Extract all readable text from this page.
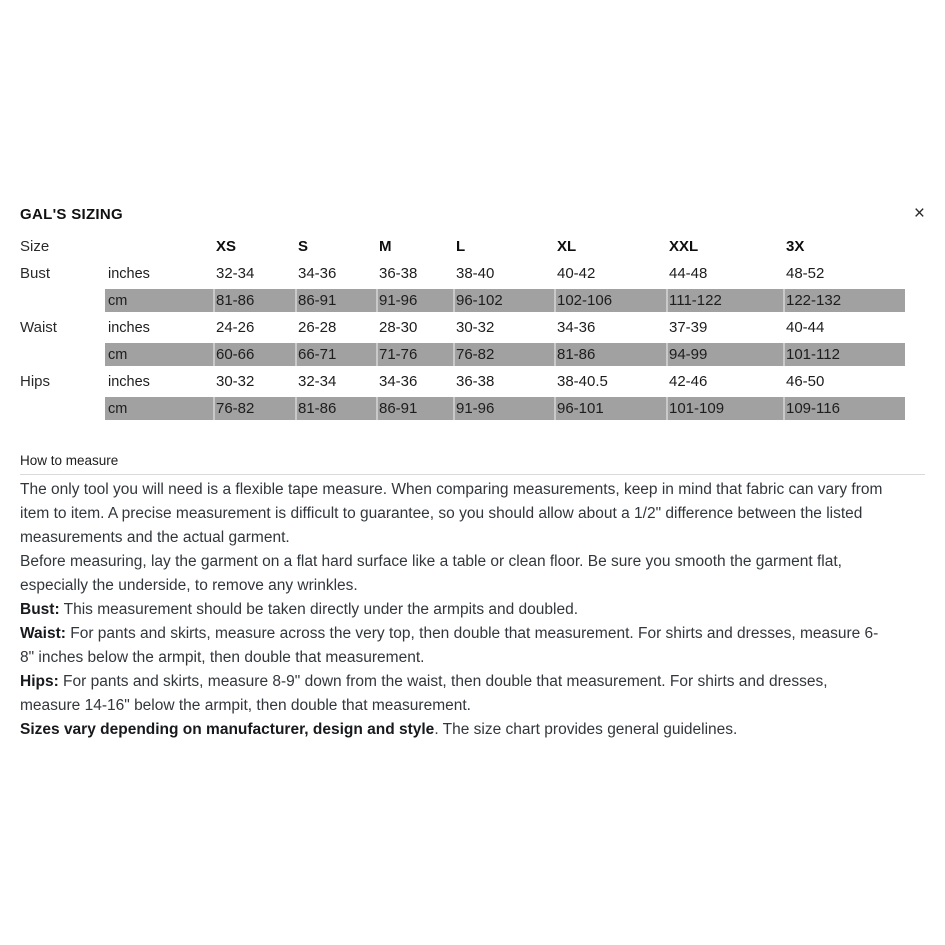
GAL'S SIZING	×
Size	XS	S	M	L	XL	XXL	3X
Bust	inches	32-34	34-36	36-38	38-40	40-42	44-48	48-52
cm	81-86	86-91	91-96	96-102	102-106	111-122	122-132
Waist	inches	24-26	26-28	28-30	30-32	34-36	37-39	40-44
cm	60-66	66-71	71-76	76-82	81-86	94-99	101-112
Hips	inches	30-32	32-34	34-36	36-38	38-40.5	42-46	46-50
cm	76-82	81-86	86-91	91-96	96-101	101-109	109-116
How to measure
The only tool you will need is a flexible tape measure. When comparing measurements, keep in mind that fabric can vary from
item to item. A precise measurement is difficult to guarantee, so you should allow about a 1/2" difference between the listed
measurements and the actual garment.
Before measuring, lay the garment on a flat hard surface like a table or clean floor. Be sure you smooth the garment flat,
especially the underside, to remove any wrinkles.
Bust: This measurement should be taken directly under the armpits and doubled.
Waist: For pants and skirts, measure across the very top, then double that measurement. For shirts and dresses, measure 6-
8" inches below the armpit, then double that measurement.
Hips: For pants and skirts, measure 8-9" down from the waist, then double that measurement. For shirts and dresses,
measure 14-16" below the armpit, then double that measurement.
Sizes vary depending on manufacturer, design and style. The size chart provides general guidelines.
